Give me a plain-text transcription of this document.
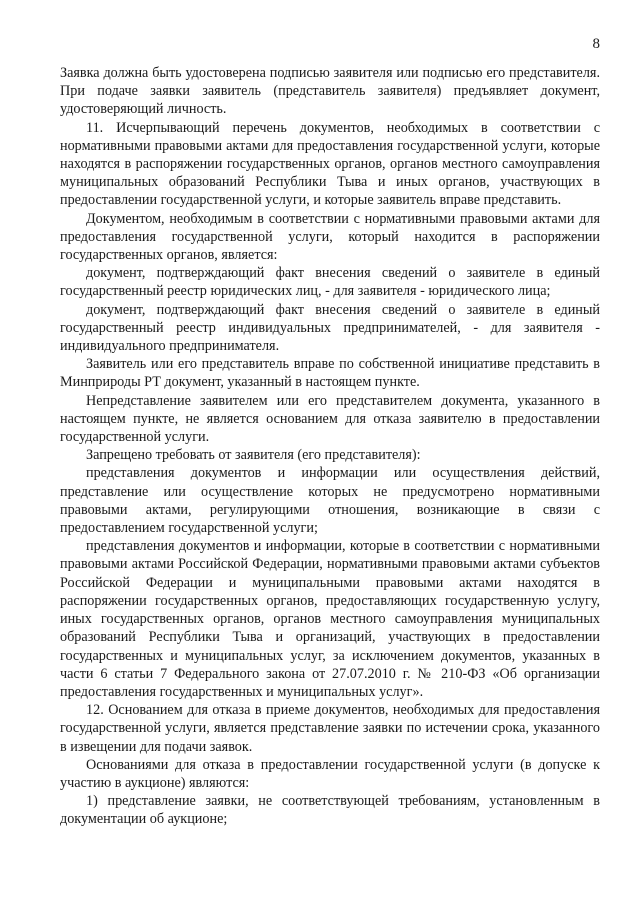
8

Заявка должна быть удостоверена подписью заявителя или подписью его представителя. При подаче заявки заявитель (представитель заявителя) предъявляет документ, удостоверяющий личность.

11. Исчерпывающий перечень документов, необходимых в соответствии с нормативными правовыми актами для предоставления государственной услуги, которые находятся в распоряжении государственных органов, органов местного самоуправления муниципальных образований Республики Тыва и иных органов, участвующих в предоставлении государственной услуги, и которые заявитель вправе представить.

Документом, необходимым в соответствии с нормативными правовыми актами для предоставления государственной услуги, который находится в распоряжении государственных органов, является:

документ, подтверждающий факт внесения сведений о заявителе в единый государственный реестр юридических лиц, - для заявителя - юридического лица;

документ, подтверждающий факт внесения сведений о заявителе в единый государственный реестр индивидуальных предпринимателей, - для заявителя - индивидуального предпринимателя.

Заявитель или его представитель вправе по собственной инициативе представить в Минприроды РТ документ, указанный в настоящем пункте.

Непредставление заявителем или его представителем документа, указанного в настоящем пункте, не является основанием для отказа заявителю в предоставлении государственной услуги.

Запрещено требовать от заявителя (его представителя):

представления документов и информации или осуществления действий, представление или осуществление которых не предусмотрено нормативными правовыми актами, регулирующими отношения, возникающие в связи с предоставлением государственной услуги;

представления документов и информации, которые в соответствии с нормативными правовыми актами Российской Федерации, нормативными правовыми актами субъектов Российской Федерации и муниципальными правовыми актами находятся в распоряжении государственных органов, предоставляющих государственную услугу, иных государственных органов, органов местного самоуправления муниципальных образований Республики Тыва и организаций, участвующих в предоставлении государственных и муниципальных услуг, за исключением документов, указанных в части 6 статьи 7 Федерального закона от 27.07.2010 г. № 210-ФЗ «Об организации предоставления государственных и муниципальных услуг».

12. Основанием для отказа в приеме документов, необходимых для предоставления государственной услуги, является представление заявки по истечении срока, указанного в извещении для подачи заявок.

Основаниями для отказа в предоставлении государственной услуги (в допуске к участию в аукционе) являются:

1) представление заявки, не соответствующей требованиям, установленным в документации об аукционе;
